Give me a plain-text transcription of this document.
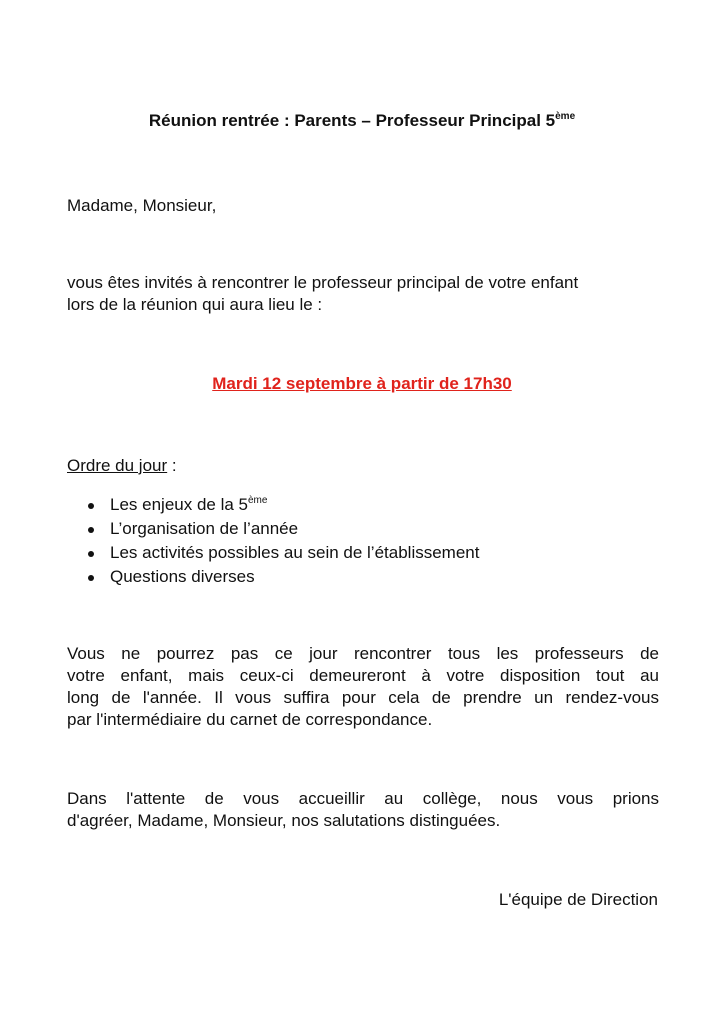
Réunion rentrée : Parents – Professeur Principal 5ème
Madame, Monsieur,
vous êtes invités à rencontrer le professeur principal de votre enfant
lors de la réunion qui aura lieu le :
Mardi 12 septembre à partir de 17h30
Ordre du jour :
Les enjeux de la 5ème
L’organisation de l’année
Les activités possibles au sein de l’établissement
Questions diverses
Vous ne pourrez pas ce jour rencontrer tous les professeurs de
votre enfant, mais ceux-ci demeureront à votre disposition tout au
long de l'année. Il vous suffira pour cela de prendre un rendez-vous
par l'intermédiaire du carnet de correspondance.
Dans l'attente de vous accueillir au collège, nous vous prions
d'agréer, Madame, Monsieur, nos salutations distinguées.
L'équipe de Direction
